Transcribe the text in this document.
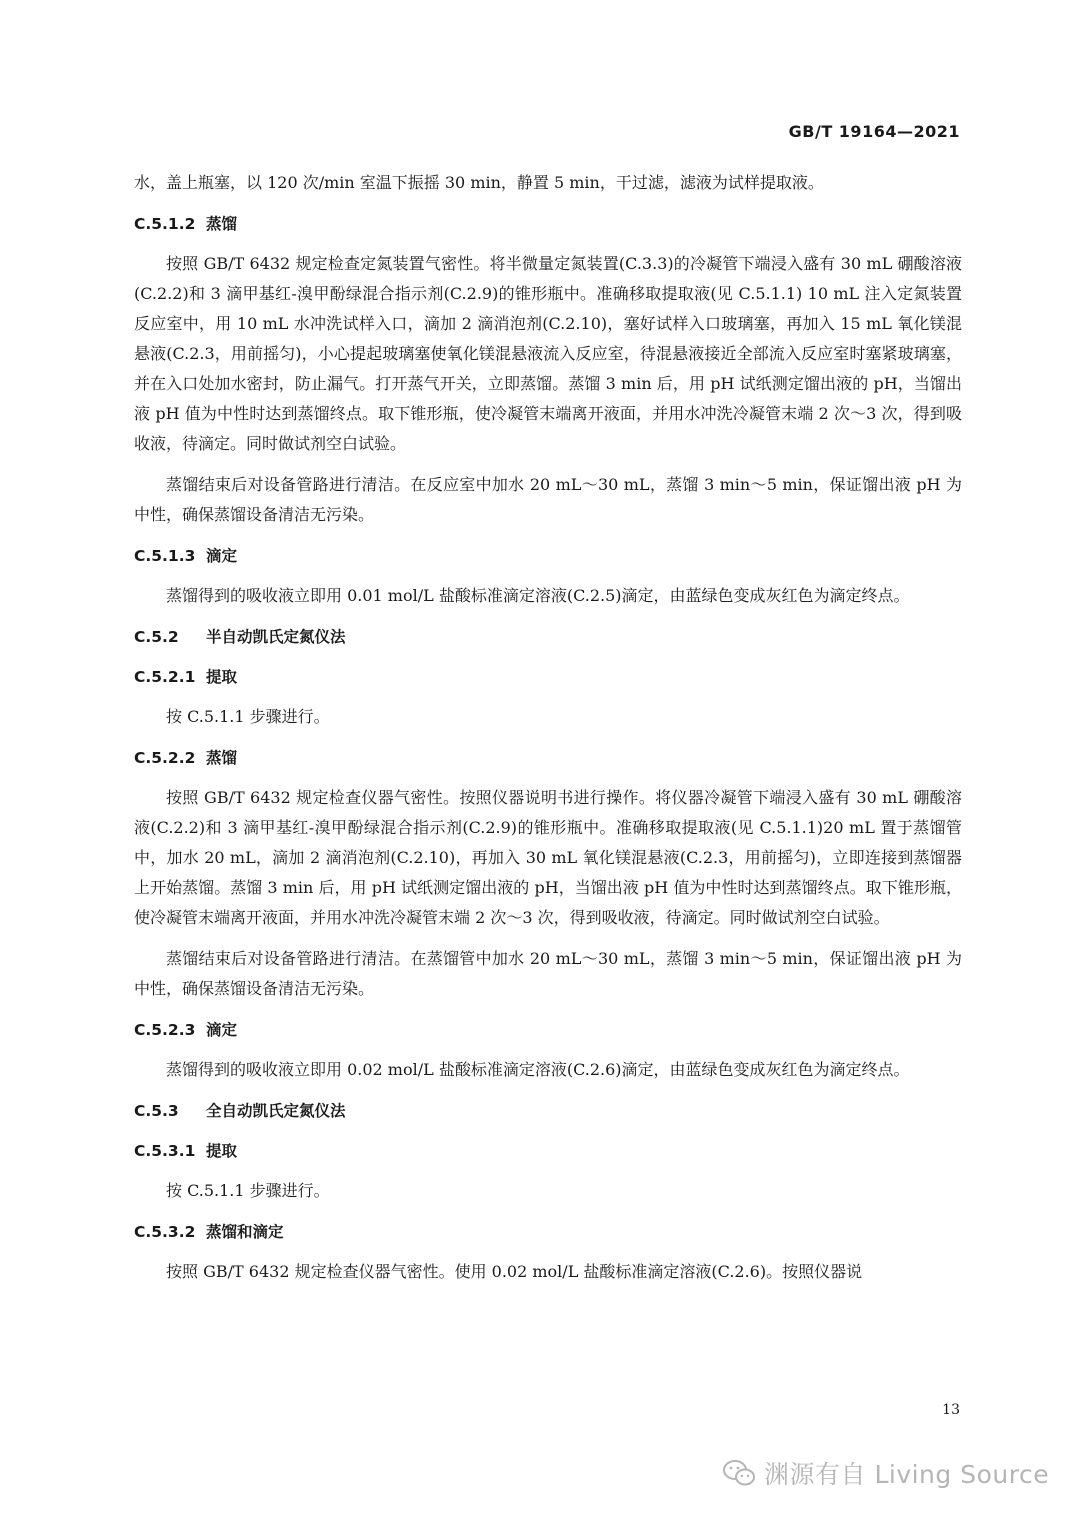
GB/T 19164—2021

水，盖上瓶塞，以 120 次/min 室温下振摇 30 min，静置 5 min，干过滤，滤液为试样提取液。

C.5.1.2 蒸馏

按照 GB/T 6432 规定检查定氮装置气密性。将半微量定氮装置(C.3.3)的冷凝管下端浸入盛有 30 mL 硼酸溶液(C.2.2)和 3 滴甲基红-溴甲酚绿混合指示剂(C.2.9)的锥形瓶中。准确移取提取液(见 C.5.1.1) 10 mL 注入定氮装置反应室中，用 10 mL 水冲洗试样入口，滴加 2 滴消泡剂(C.2.10)，塞好试样入口玻璃塞，再加入 15 mL 氧化镁混悬液(C.2.3，用前摇匀)，小心提起玻璃塞使氧化镁混悬液流入反应室，待混悬液接近全部流入反应室时塞紧玻璃塞，并在入口处加水密封，防止漏气。打开蒸气开关，立即蒸馏。蒸馏 3 min 后，用 pH 试纸测定馏出液的 pH，当馏出液 pH 值为中性时达到蒸馏终点。取下锥形瓶，使冷凝管末端离开液面，并用水冲洗冷凝管末端 2 次～3 次，得到吸收液，待滴定。同时做试剂空白试验。

蒸馏结束后对设备管路进行清洁。在反应室中加水 20 mL～30 mL，蒸馏 3 min～5 min，保证馏出液 pH 为中性，确保蒸馏设备清洁无污染。

C.5.1.3 滴定

蒸馏得到的吸收液立即用 0.01 mol/L 盐酸标准滴定溶液(C.2.5)滴定，由蓝绿色变成灰红色为滴定终点。

C.5.2 半自动凯氏定氮仪法
C.5.2.1 提取

按 C.5.1.1 步骤进行。

C.5.2.2 蒸馏

按照 GB/T 6432 规定检查仪器气密性。按照仪器说明书进行操作。将仪器冷凝管下端浸入盛有 30 mL 硼酸溶液(C.2.2)和 3 滴甲基红-溴甲酚绿混合指示剂(C.2.9)的锥形瓶中。准确移取提取液(见 C.5.1.1)20 mL 置于蒸馏管中，加水 20 mL，滴加 2 滴消泡剂(C.2.10)，再加入 30 mL 氧化镁混悬液(C.2.3，用前摇匀)，立即连接到蒸馏器上开始蒸馏。蒸馏 3 min 后，用 pH 试纸测定馏出液的 pH，当馏出液 pH 值为中性时达到蒸馏终点。取下锥形瓶，使冷凝管末端离开液面，并用水冲洗冷凝管末端 2 次～3 次，得到吸收液，待滴定。同时做试剂空白试验。

蒸馏结束后对设备管路进行清洁。在蒸馏管中加水 20 mL～30 mL，蒸馏 3 min～5 min，保证馏出液 pH 为中性，确保蒸馏设备清洁无污染。

C.5.2.3 滴定

蒸馏得到的吸收液立即用 0.02 mol/L 盐酸标准滴定溶液(C.2.6)滴定，由蓝绿色变成灰红色为滴定终点。

C.5.3 全自动凯氏定氮仪法
C.5.3.1 提取

按 C.5.1.1 步骤进行。

C.5.3.2 蒸馏和滴定

按照 GB/T 6432 规定检查仪器气密性。使用 0.02 mol/L 盐酸标准滴定溶液(C.2.6)。按照仪器说

13
渊源有自 Living Source
